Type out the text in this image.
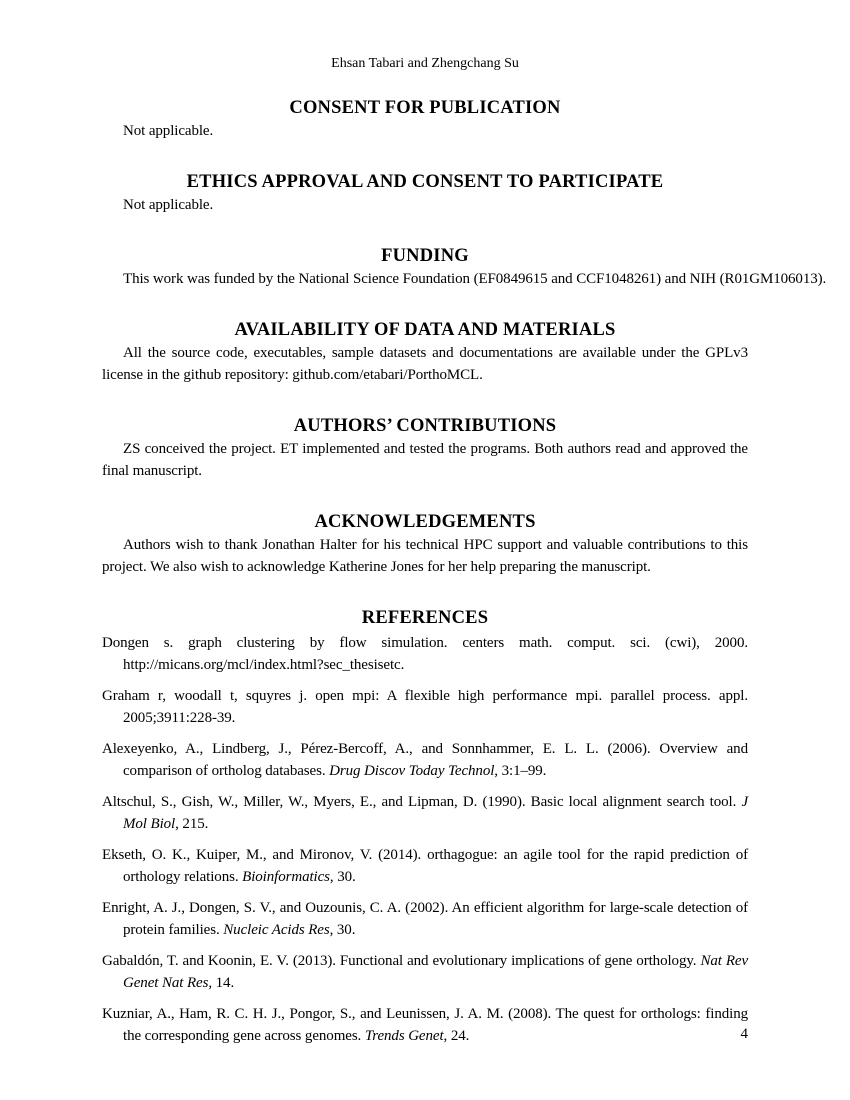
Ehsan Tabari and Zhengchang Su
CONSENT FOR PUBLICATION

Not applicable.

ETHICS APPROVAL AND CONSENT TO PARTICIPATE

Not applicable.

FUNDING

This work was funded by the National Science Foundation (EF0849615 and CCF1048261) and NIH (R01GM106013).

AVAILABILITY OF DATA AND MATERIALS

All the source code, executables, sample datasets and documentations are available under the GPLv3 license in the github repository: github.com/etabari/PorthoMCL.

AUTHORS’ CONTRIBUTIONS

ZS conceived the project. ET implemented and tested the programs. Both authors read and approved the final manuscript.

ACKNOWLEDGEMENTS

Authors wish to thank Jonathan Halter for his technical HPC support and valuable contributions to this project. We also wish to acknowledge Katherine Jones for her help preparing the manuscript.

REFERENCES

Dongen s. graph clustering by flow simulation. centers math. comput. sci. (cwi), 2000. http://micans.org/mcl/index.html?sec_thesisetc.

Graham r, woodall t, squyres j. open mpi: A flexible high performance mpi. parallel process. appl. 2005;3911:228-39.

Alexeyenko, A., Lindberg, J., Pérez-Bercoff, A., and Sonnhammer, E. L. L. (2006). Overview and comparison of ortholog databases. Drug Discov Today Technol, 3:1–99.

Altschul, S., Gish, W., Miller, W., Myers, E., and Lipman, D. (1990). Basic local alignment search tool. J Mol Biol, 215.

Ekseth, O. K., Kuiper, M., and Mironov, V. (2014). orthagogue: an agile tool for the rapid prediction of orthology relations. Bioinformatics, 30.

Enright, A. J., Dongen, S. V., and Ouzounis, C. A. (2002). An efficient algorithm for large-scale detection of protein families. Nucleic Acids Res, 30.

Gabaldón, T. and Koonin, E. V. (2013). Functional and evolutionary implications of gene orthology. Nat Rev Genet Nat Res, 14.

Kuzniar, A., Ham, R. C. H. J., Pongor, S., and Leunissen, J. A. M. (2008). The quest for orthologs: finding the corresponding gene across genomes. Trends Genet, 24.	4
